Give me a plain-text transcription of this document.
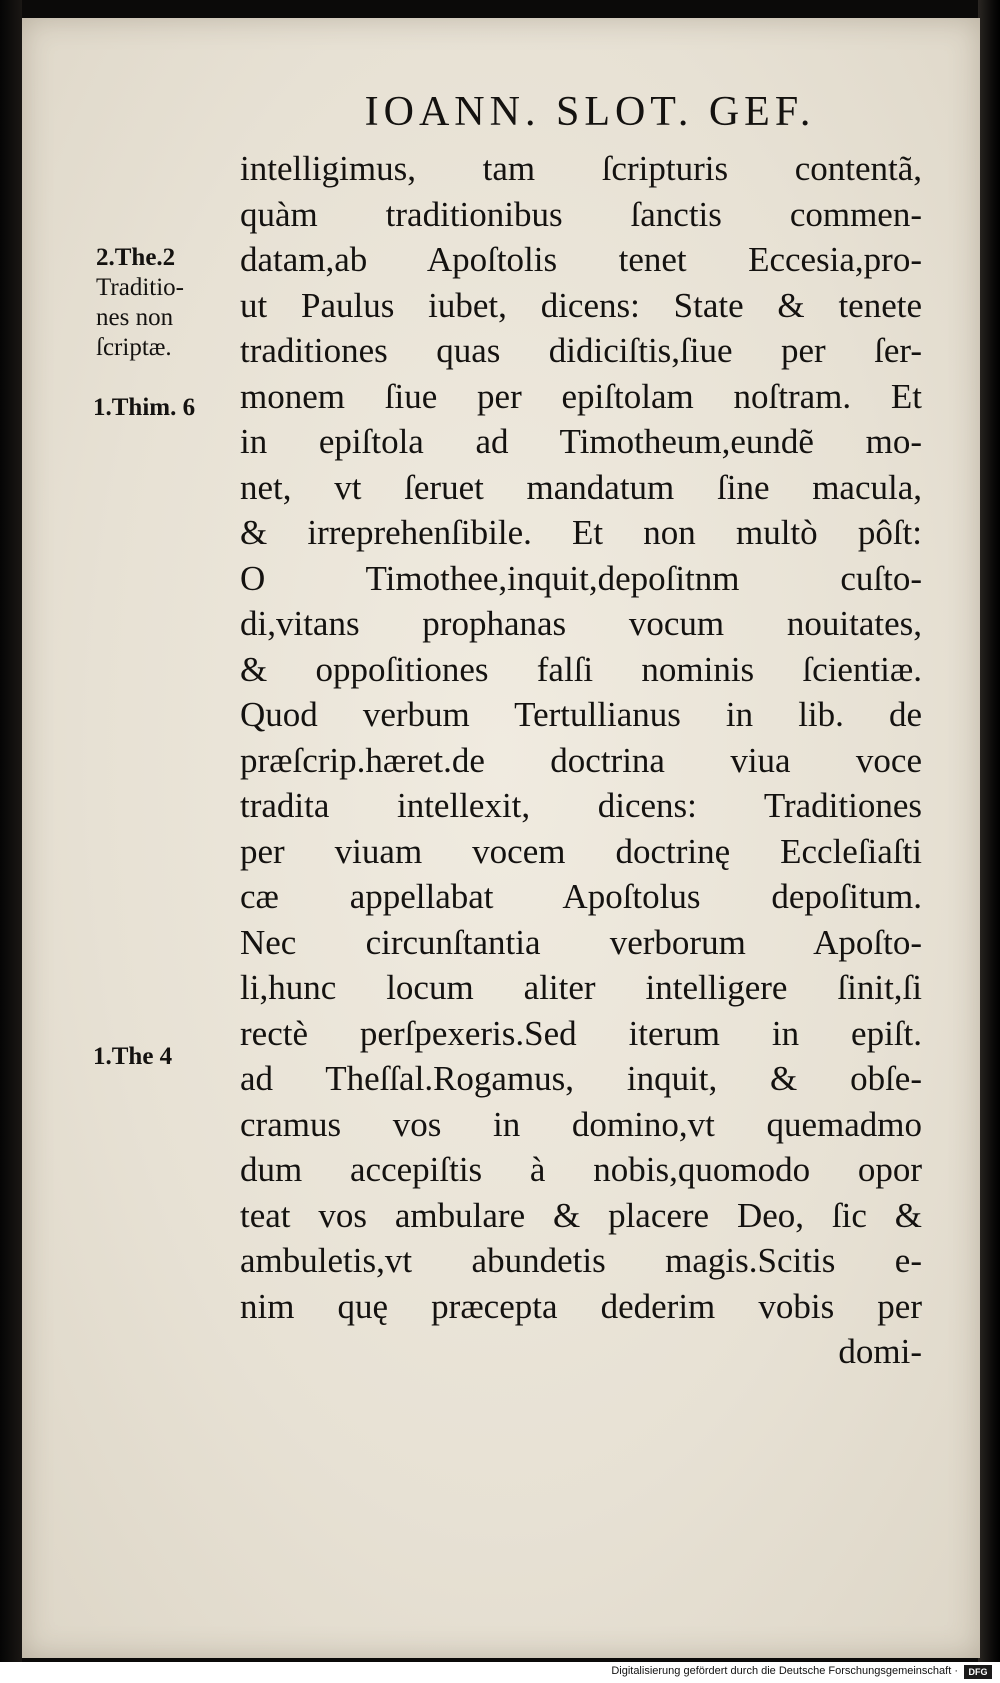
IOANN. SLOT. GEF.
2.The.2
Traditio-
nes non
ſcriptæ.
1.Thim. 6
1.The 4
intelligimus, tam ſcripturis contentã,
quàm traditionibus ſanctis commen-
datam,ab Apoſtolis tenet Eccesia,pro-
ut Paulus iubet, dicens: State & tenete
traditiones quas didiciſtis,ſiue per ſer-
monem ſiue per epiſtolam noſtram. Et
in epiſtola ad Timotheum,eundẽ mo-
net, vt ſeruet mandatum ſine macula,
& irreprehenſibile. Et non multò pôſt:
O Timothee,inquit,depoſitnm cuſto-
di,vitans prophanas vocum nouitates,
& oppoſitiones falſi nominis ſcientiæ.
Quod verbum Tertullianus in lib. de
præſcrip.hæret.de doctrina viua voce
tradita intellexit, dicens: Traditiones
per viuam vocem doctrinę Eccleſiaſti
cæ appellabat Apoſtolus depoſitum.
Nec circunſtantia verborum Apoſto-
li,hunc locum aliter intelligere ſinit,ſi
rectè perſpexeris.Sed iterum in epiſt.
ad Theſſal.Rogamus, inquit, & obſe-
cramus vos in domino,vt quemadmo
dum accepiſtis à nobis,quomodo opor
teat vos ambulare & placere Deo, ſic &
ambuletis,vt abundetis magis.Scitis e-
nim quę præcepta dederim vobis per
domi-
Digitalisierung gefördert durch die Deutsche Forschungsgemeinschaft ·	DFG
